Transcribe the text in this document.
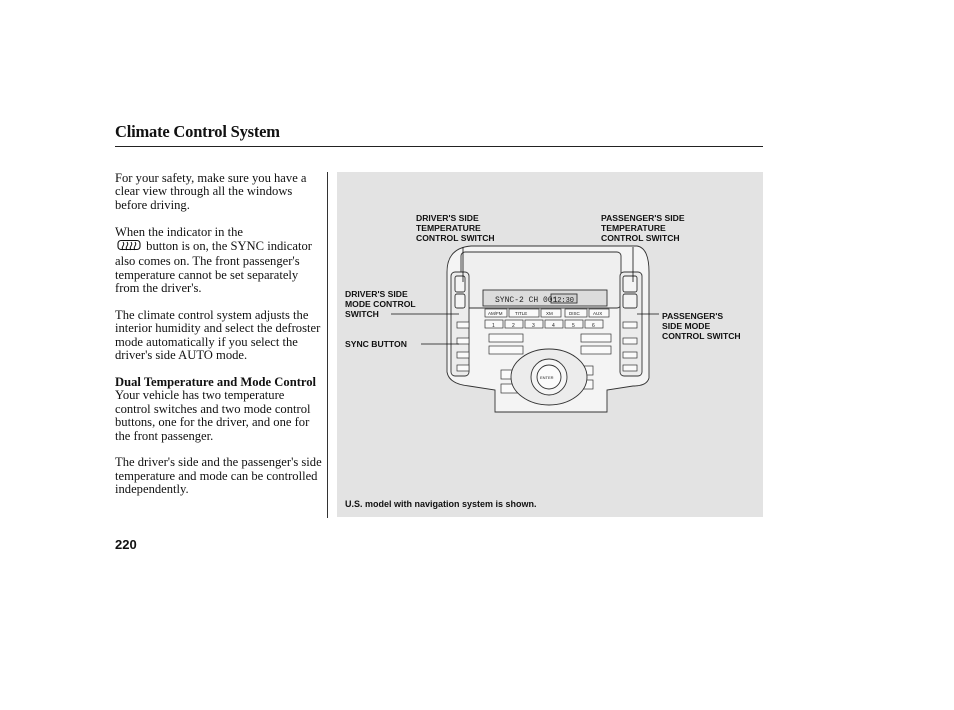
Climate Control System

For your safety, make sure you have a clear view through all the windows before driving.

When the indicator in the
button is on, the SYNC indicator also comes on. The front passenger's temperature cannot be set separately from the driver's.

The climate control system adjusts the interior humidity and select the defroster mode automatically if you select the driver's side AUTO mode.

Dual Temperature and Mode Control
Your vehicle has two temperature control switches and two mode control buttons, one for the driver, and one for the front passenger.

The driver's side and the passenger's side temperature and mode can be controlled independently.

SYNC-2 CH 001
12:30
1	2	3	4	5	6
AM/FM	TITLE	XM	DISC	AUX
ENTER
DRIVER'S SIDE
TEMPERATURE
CONTROL SWITCH
PASSENGER'S SIDE
TEMPERATURE
CONTROL SWITCH
DRIVER'S SIDE
MODE CONTROL
SWITCH	PASSENGER'S
SIDE MODE
CONTROL SWITCH
SYNC BUTTON
U.S. model with navigation system is shown.
220
